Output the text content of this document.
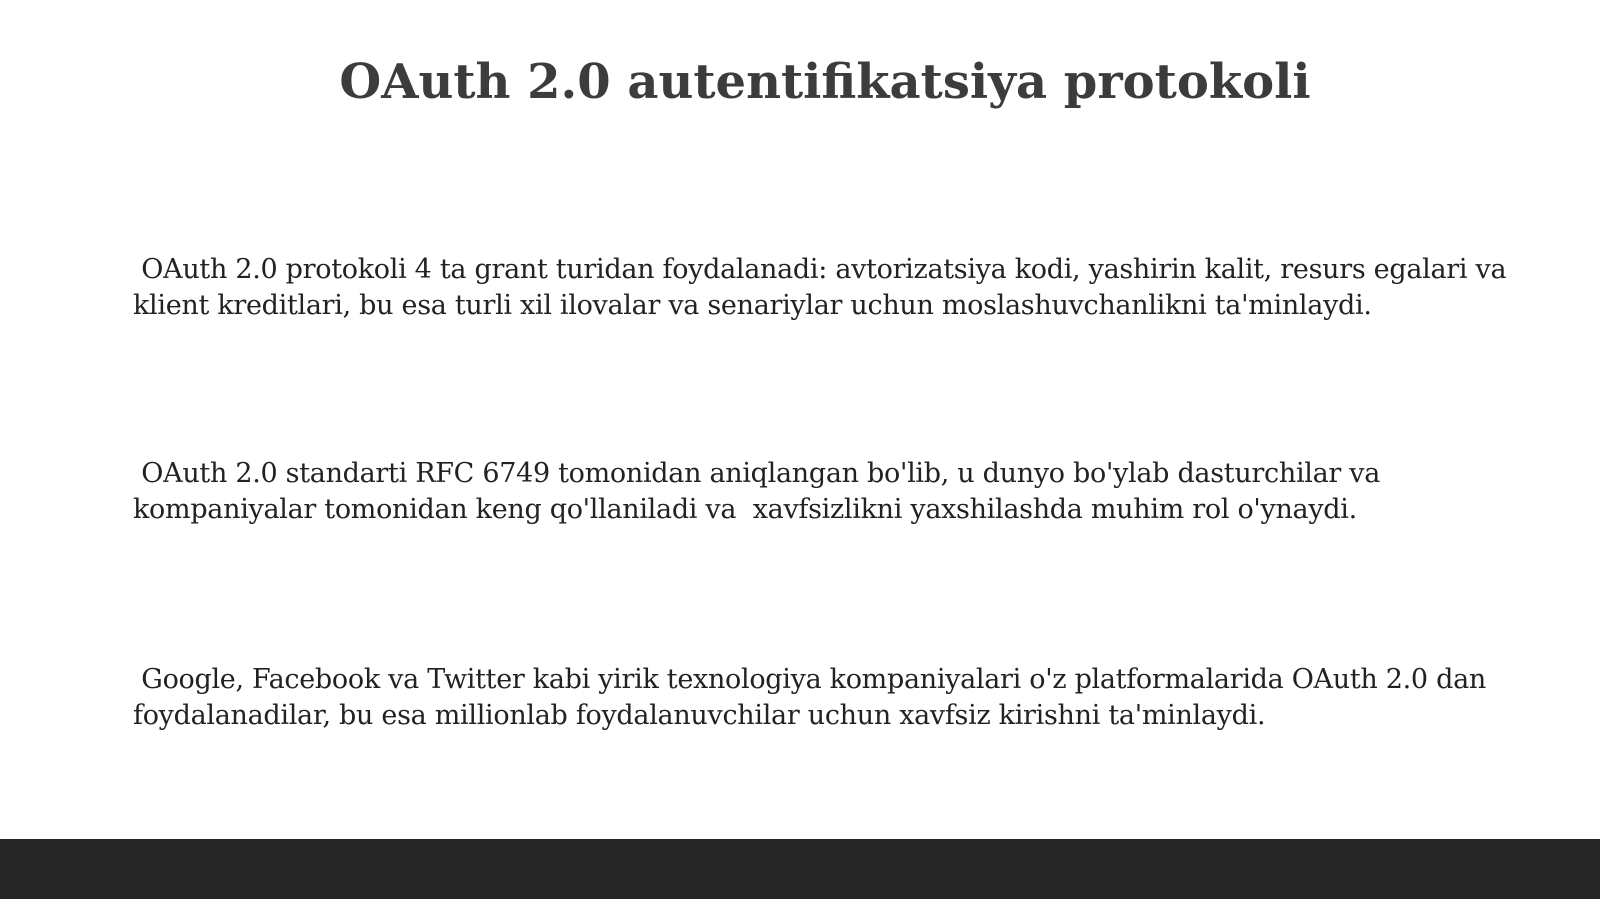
OAuth 2.0 autentifikatsiya protokoli

OAuth 2.0 protokoli 4 ta grant turidan foydalanadi: avtorizatsiya kodi, yashirin kalit, resurs egalari va klient kreditlari, bu esa turli xil ilovalar va senariylar uchun moslashuvchanlikni ta'minlaydi.

OAuth 2.0 standarti RFC 6749 tomonidan aniqlangan bo'lib, u dunyo bo'ylab dasturchilar va kompaniyalar tomonidan keng qo'llaniladi va  xavfsizlikni yaxshilashda muhim rol o'ynaydi.

Google, Facebook va Twitter kabi yirik texnologiya kompaniyalari o'z platformalarida OAuth 2.0 dan foydalanadilar, bu esa millionlab foydalanuvchilar uchun xavfsiz kirishni ta'minlaydi.
